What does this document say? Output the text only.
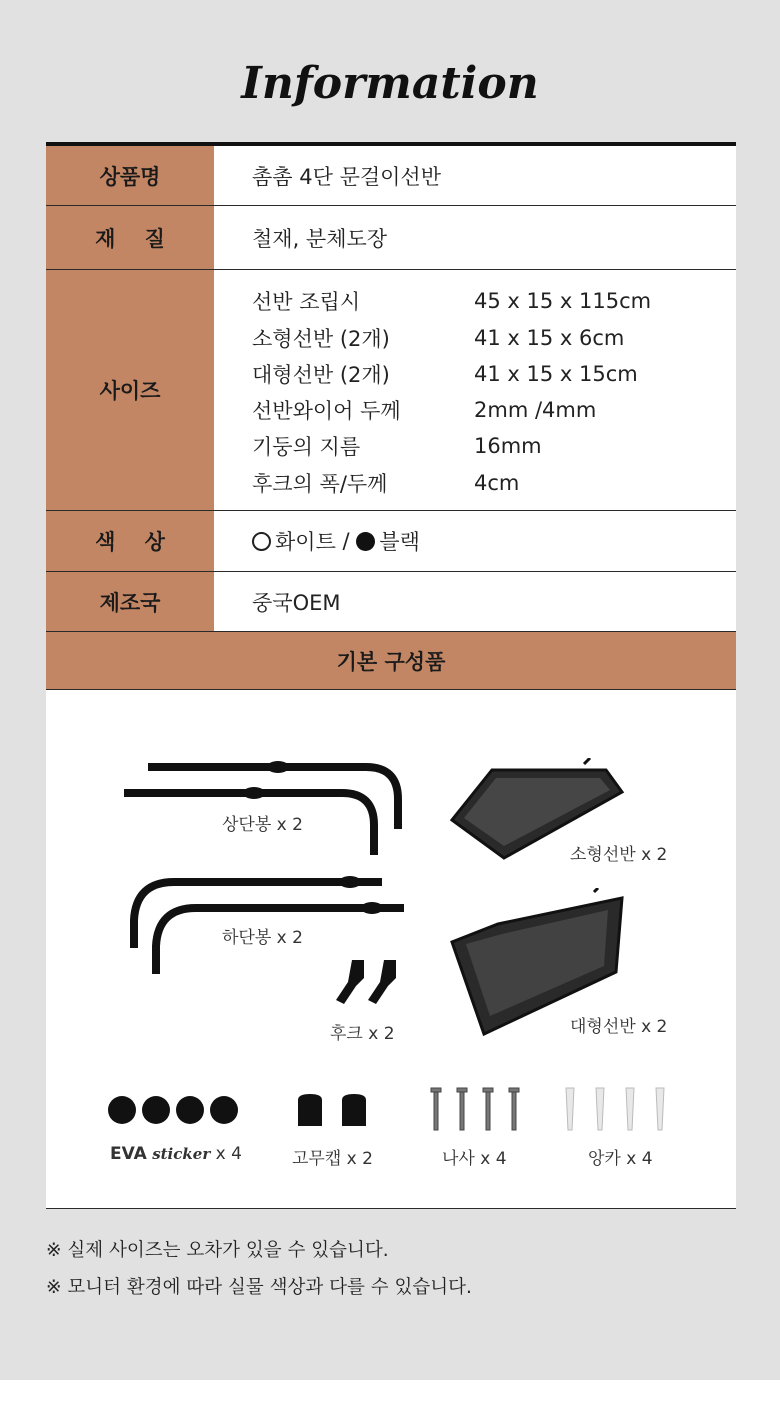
Information
상품명	촘촘 4단 문걸이선반
재    질	철재, 분체도장
사이즈
선반 조립시	45 x 15 x 115cm
소형선반 (2개)	41 x 15 x 6cm
대형선반 (2개)	41 x 15 x 15cm
선반와이어 두께	2mm /4mm
기둥의 지름	16mm
후크의 폭/두께	4cm
색    상	화이트 / 블랙
제조국	중국OEM
기본 구성품
상단봉 x 2
하단봉 x 2
후크 x 2
소형선반 x 2
대형선반 x 2
EVA sticker x 4	고무캡 x 2	나사 x 4	앙카 x 4
※ 실제 사이즈는 오차가 있을 수 있습니다.
※ 모니터 환경에 따라 실물 색상과 다를 수 있습니다.
